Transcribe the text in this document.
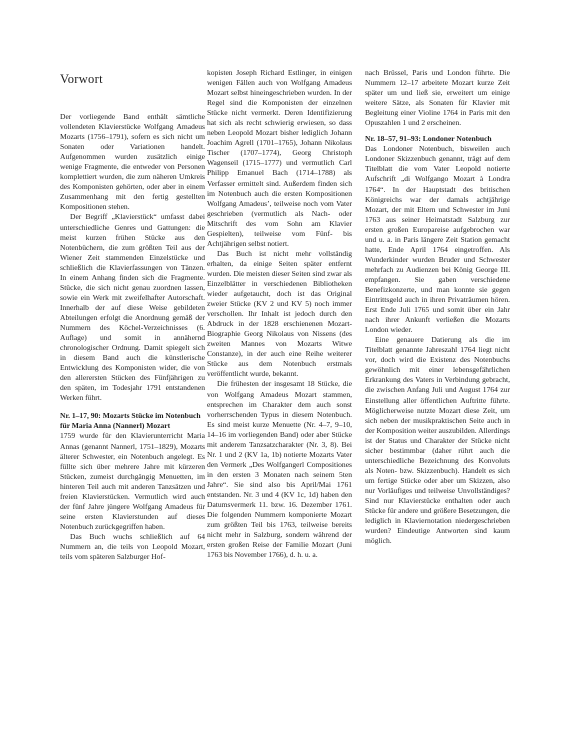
Vorwort

Der vorliegende Band enthält sämtliche vollendeten Klavierstücke Wolfgang Amadeus Mozarts (1756–1791), sofern es sich nicht um Sonaten oder Variationen handelt. Aufgenommen wurden zusätzlich einige wenige Fragmente, die entweder von Personen komplettiert wurden, die zum näheren Umkreis des Komponisten gehörten, oder aber in einem Zusammenhang mit den fertig gestellten Kompositionen stehen.

Der Begriff „Klavierstück“ umfasst dabei unterschiedliche Genres und Gattungen: die meist kurzen frühen Stücke aus den Notenbüchern, die zum größten Teil aus der Wiener Zeit stammenden Einzelstücke und schließlich die Klavierfassungen von Tänzen. In einem Anhang finden sich die Fragmente. Stücke, die sich nicht genau zuordnen lassen, sowie ein Werk mit zweifelhafter Autorschaft. Innerhalb der auf diese Weise gebildeten Abteilungen erfolgt die Anordnung gemäß der Nummern des Köchel-Verzeichnisses (6. Auflage) und somit in annähernd chronologischer Ordnung. Damit spiegelt sich in diesem Band auch die künstlerische Entwicklung des Komponisten wider, die von den allerersten Stücken des Fünfjährigen zu den späten, im Todesjahr 1791 entstandenen Werken führt.

Nr. 1–17, 90: Mozarts Stücke im Notenbuch für Maria Anna (Nannerl) Mozart

1759 wurde für den Klavierunterricht Maria Annas (genannt Nannerl, 1751–1829), Mozarts älterer Schwester, ein Notenbuch angelegt. Es füllte sich über mehrere Jahre mit kürzeren Stücken, zumeist durchgängig Menuetten, im hinteren Teil auch mit anderen Tanzsätzen und freien Klavierstücken. Vermutlich wird auch der fünf Jahre jüngere Wolfgang Amadeus für seine ersten Klavierstunden auf dieses Notenbuch zurückgegriffen haben.

Das Buch wuchs schließlich auf 64 Nummern an, die teils von Leopold Mozart, teils vom späteren Salzburger Hof-

kopisten Joseph Richard Estlinger, in einigen wenigen Fällen auch von Wolfgang Amadeus Mozart selbst hineingeschrieben wurden. In der Regel sind die Komponisten der einzelnen Stücke nicht vermerkt. Deren Identifizierung hat sich als recht schwierig erwiesen, so dass neben Leopold Mozart bisher lediglich Johann Joachim Agrell (1701–1765), Johann Nikolaus Tischer (1707–1774), Georg Christoph Wagenseil (1715–1777) und vermutlich Carl Philipp Emanuel Bach (1714–1788) als Verfasser ermittelt sind. Außerdem finden sich im Notenbuch auch die ersten Kompositionen Wolfgang Amadeus’, teilweise noch vom Vater geschrieben (vermutlich als Nach- oder Mitschrift des vom Sohn am Klavier Gespielten), teilweise vom Fünf- bis Achtjährigen selbst notiert.

Das Buch ist nicht mehr vollständig erhalten, da einige Seiten später entfernt wurden. Die meisten dieser Seiten sind zwar als Einzelblätter in verschiedenen Bibliotheken wieder aufgetaucht, doch ist das Original zweier Stücke (KV 2 und KV 5) noch immer verschollen. Ihr Inhalt ist jedoch durch den Abdruck in der 1828 erschienenen Mozart-Biographie Georg Nikolaus von Nissens (des zweiten Mannes von Mozarts Witwe Constanze), in der auch eine Reihe weiterer Stücke aus dem Notenbuch erstmals veröffentlicht wurde, bekannt.

Die frühesten der insgesamt 18 Stücke, die von Wolfgang Amadeus Mozart stammen, entsprechen im Charakter dem auch sonst vorherrschenden Typus in diesem Notenbuch. Es sind meist kurze Menuette (Nr. 4–7, 9–10, 14–16 im vorliegenden Band) oder aber Stücke mit anderem Tanzsatzcharakter (Nr. 3, 8). Bei Nr. 1 und 2 (KV 1a, 1b) notierte Mozarts Vater den Vermerk „Des Wolfgangerl Compositiones in den ersten 3 Monaten nach seinem 5ten Jahre“. Sie sind also bis April/Mai 1761 entstanden. Nr. 3 und 4 (KV 1c, 1d) haben den Datumsvermerk 11. bzw. 16. Dezember 1761. Die folgenden Nummern komponierte Mozart zum größten Teil bis 1763, teilweise bereits nicht mehr in Salzburg, sondern während der ersten großen Reise der Familie Mozart (Juni 1763 bis November 1766), d. h. u. a.

nach Brüssel, Paris und London führte. Die Nummern 12–17 arbeitete Mozart kurze Zeit später um und ließ sie, erweitert um einige weitere Sätze, als Sonaten für Klavier mit Begleitung einer Violine 1764 in Paris mit den Opuszahlen 1 und 2 erscheinen.

Nr. 18–57, 91–93: Londoner Notenbuch

Das Londoner Notenbuch, bisweilen auch Londoner Skizzenbuch genannt, trägt auf dem Titelblatt die vom Vater Leopold notierte Aufschrift „di Wolfgango Mozart à Londra 1764“. In der Hauptstadt des britischen Königreichs war der damals achtjährige Mozart, der mit Eltern und Schwester im Juni 1763 aus seiner Heimatstadt Salzburg zur ersten großen Europareise aufgebrochen war und u. a. in Paris längere Zeit Station gemacht hatte, Ende April 1764 eingetroffen. Als Wunderkinder wurden Bruder und Schwester mehrfach zu Audienzen bei König George III. empfangen. Sie gaben verschiedene Benefizkonzerte, und man konnte sie gegen Eintrittsgeld auch in ihren Privaträumen hören. Erst Ende Juli 1765 und somit über ein Jahr nach ihrer Ankunft verließen die Mozarts London wieder.

Eine genauere Datierung als die im Titelblatt genannte Jahreszahl 1764 liegt nicht vor, doch wird die Existenz des Notenbuchs gewöhnlich mit einer lebensgefährlichen Erkrankung des Vaters in Verbindung gebracht, die zwischen Anfang Juli und August 1764 zur Einstellung aller öffentlichen Auftritte führte. Möglicherweise nutzte Mozart diese Zeit, um sich neben der musikpraktischen Seite auch in der Komposition weiter auszubilden. Allerdings ist der Status und Charakter der Stücke nicht sicher bestimmbar (daher rührt auch die unterschiedliche Bezeichnung des Konvoluts als Noten- bzw. Skizzenbuch). Handelt es sich um fertige Stücke oder aber um Skizzen, also nur Vorläufiges und teilweise Unvollständiges? Sind nur Klavierstücke enthalten oder auch Stücke für andere und größere Besetzungen, die lediglich in Klaviernotation niedergeschrieben wurden? Eindeutige Antworten sind kaum möglich.
